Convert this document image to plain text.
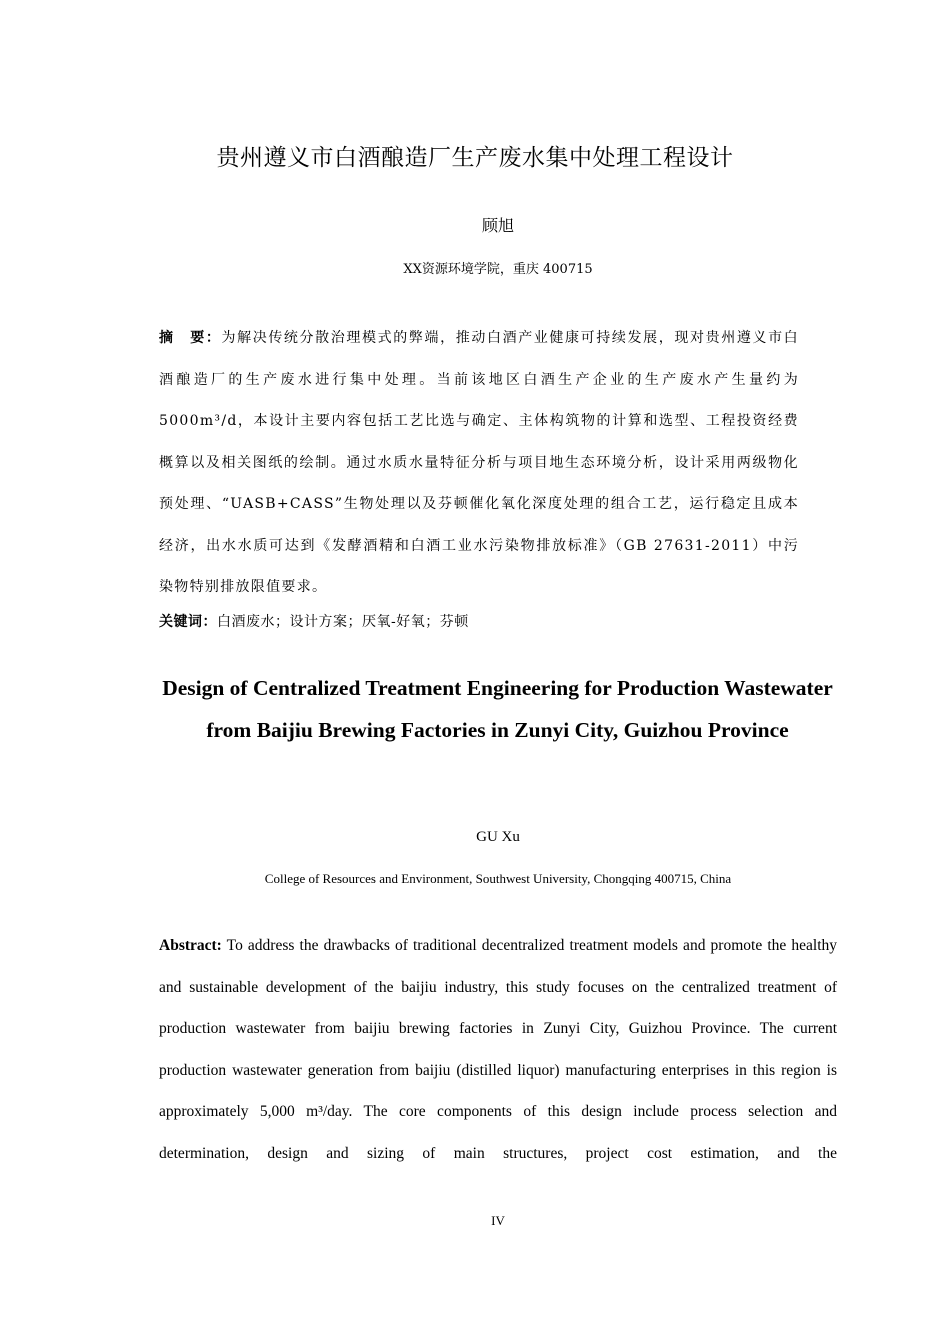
贵州遵义市白酒酿造厂生产废水集中处理工程设计
顾旭
XX资源环境学院，重庆 400715

摘　要：为解决传统分散治理模式的弊端，推动白酒产业健康可持续发展，现对贵州遵义市白酒酿造厂的生产废水进行集中处理。当前该地区白酒生产企业的生产废水产生量约为5000m³/d，本设计主要内容包括工艺比选与确定、主体构筑物的计算和选型、工程投资经费概算以及相关图纸的绘制。通过水质水量特征分析与项目地生态环境分析，设计采用两级物化预处理、“UASB+CASS”生物处理以及芬顿催化氧化深度处理的组合工艺，运行稳定且成本经济，出水水质可达到《发酵酒精和白酒工业水污染物排放标准》（GB 27631-2011）中污染物特别排放限值要求。

关键词：白酒废水；设计方案；厌氧-好氧；芬顿

Design of Centralized Treatment Engineering for Production Wastewater from Baijiu Brewing Factories in Zunyi City, Guizhou Province

GU Xu
College of Resources and Environment, Southwest University, Chongqing 400715, China

Abstract: To address the drawbacks of traditional decentralized treatment models and promote the healthy and sustainable development of the baijiu industry, this study focuses on the centralized treatment of production wastewater from baijiu brewing factories in Zunyi City, Guizhou Province. The current production wastewater generation from baijiu (distilled liquor) manufacturing enterprises in this region is approximately 5,000 m³/day. The core components of this design include process selection and determination, design and sizing of main structures, project cost estimation, and the

IV
